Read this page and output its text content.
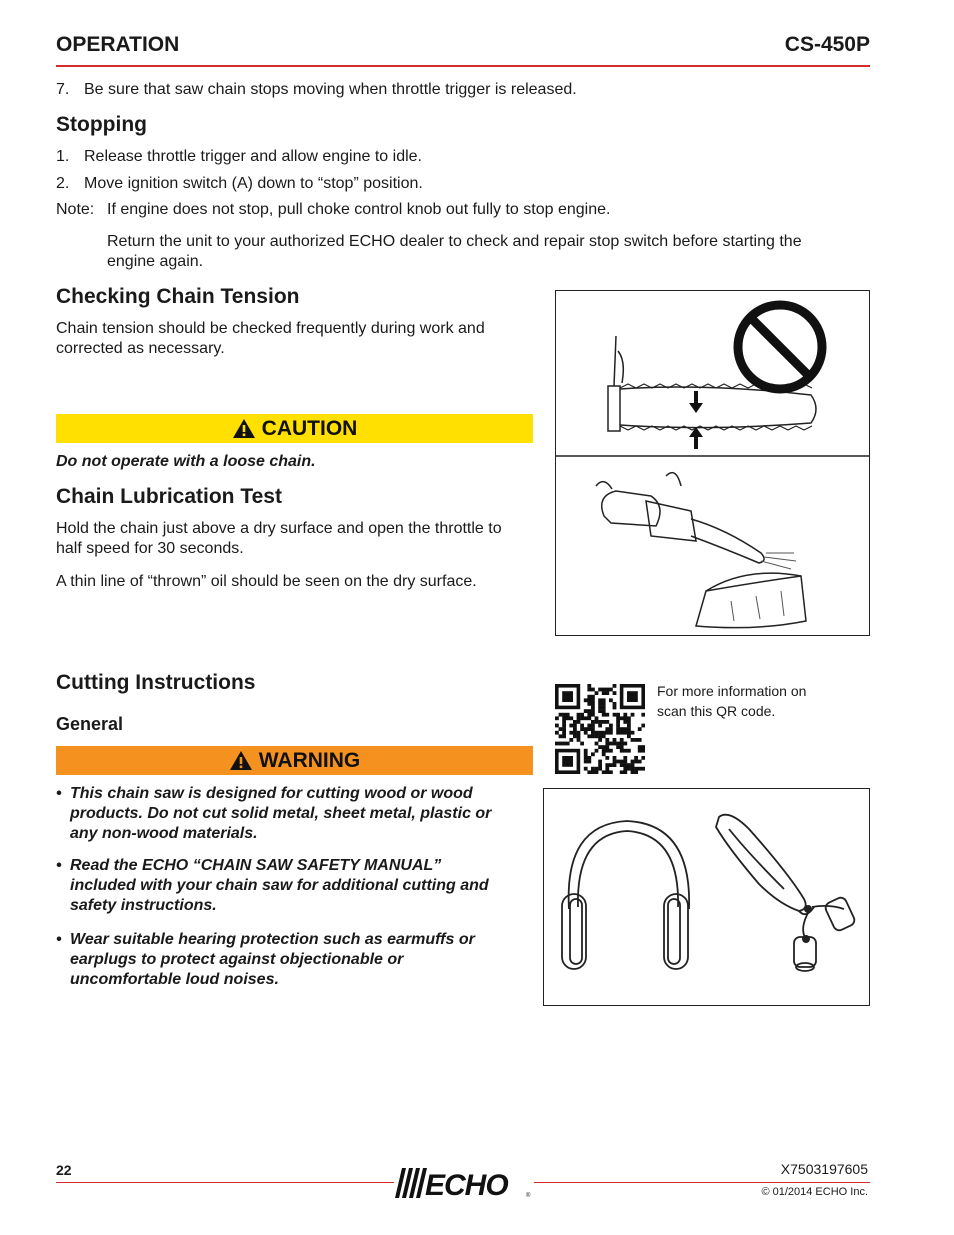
OPERATION	CS-450P
7. Be sure that saw chain stops moving when throttle trigger is released.
Stopping
1. Release throttle trigger and allow engine to idle.
2. Move ignition switch (A) down to “stop” position.
Note: If engine does not stop, pull choke control knob out fully to stop engine.
Return the unit to your authorized ECHO dealer to check and repair stop switch before starting the
engine again.
Checking Chain Tension
Chain tension should be checked frequently during work and
corrected as necessary.
CAUTION
Do not operate with a loose chain.
Chain Lubrication Test
Hold the chain just above a dry surface and open the throttle to
half speed for 30 seconds.
A thin line of “thrown” oil should be seen on the dry surface.
Cutting Instructions
General
WARNING
• This chain saw is designed for cutting wood or wood
products. Do not cut solid metal, sheet metal, plastic or
any non-wood materials.
• Read the ECHO “CHAIN SAW SAFETY MANUAL”
included with your chain saw for additional cutting and
safety instructions.
• Wear suitable hearing protection such as earmuffs or
earplugs to protect against objectionable or
uncomfortable loud noises.
For more information on
scan this QR code.
22	X7503197605
ECHO	®	© 01/2014 ECHO Inc.
